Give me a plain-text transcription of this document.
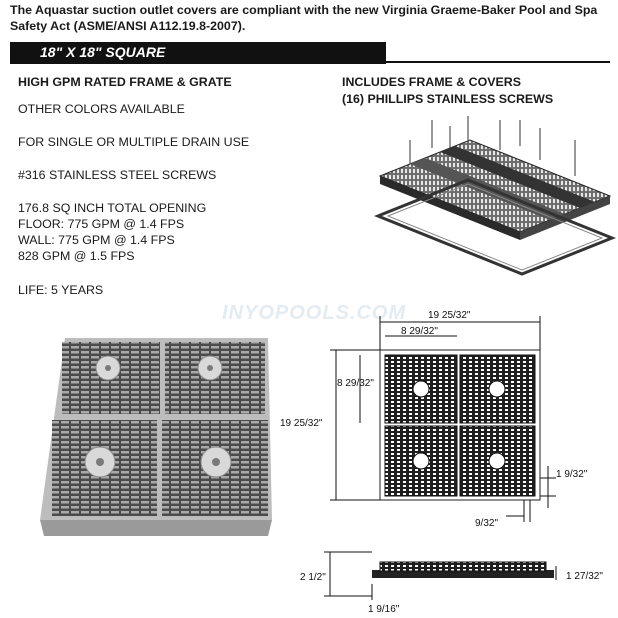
The Aquastar suction outlet covers are compliant with the new Virginia Graeme-Baker Pool and Spa Safety Act (ASME/ANSI A112.19.8-2007).
18" X 18" SQUARE
HIGH GPM RATED FRAME & GRATE
OTHER COLORS AVAILABLE
FOR SINGLE OR MULTIPLE DRAIN USE
#316 STAINLESS STEEL SCREWS
176.8 SQ INCH TOTAL OPENING
FLOOR: 775 GPM @ 1.4 FPS
WALL: 775 GPM @ 1.4 FPS
828 GPM @ 1.5 FPS
LIFE: 5 YEARS
INCLUDES FRAME & COVERS
(16) PHILLIPS STAINLESS SCREWS
INYOPOOLS.COM 19 25/32"
8 29/32"
8 29/32"
19 25/32"
1 9/32"
9/32"
2 1/2"	1 27/32"
1 9/16"
